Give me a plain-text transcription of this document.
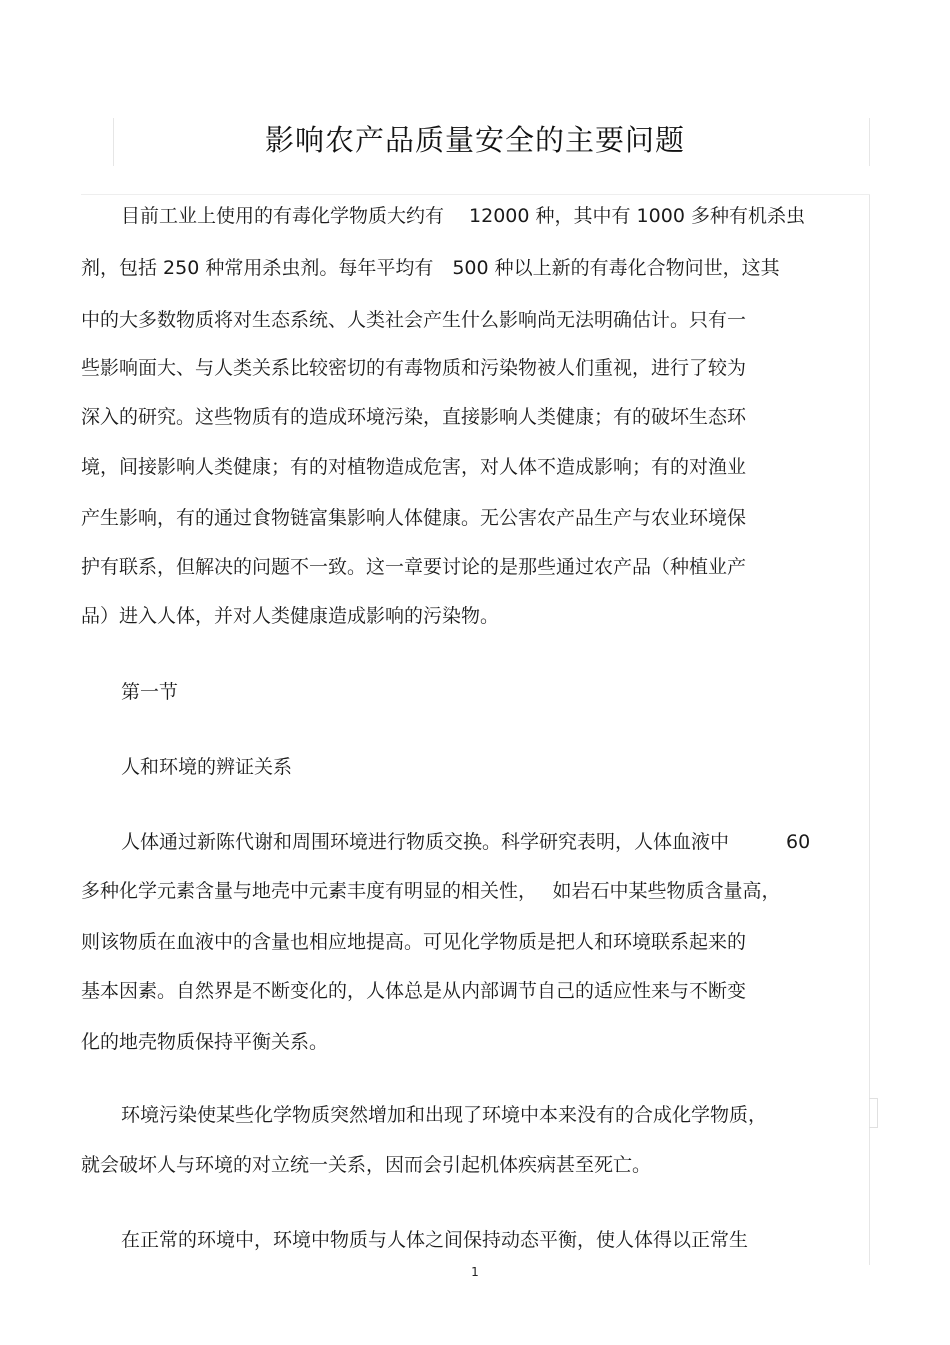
影响农产品质量安全的主要问题
目前工业上使用的有毒化学物质大约有　 12000 种，其中有 1000 多种有机杀虫
剂，包括 250 种常用杀虫剂。每年平均有　500 种以上新的有毒化合物问世，这其
中的大多数物质将对生态系统、人类社会产生什么影响尚无法明确估计。只有一
些影响面大、与人类关系比较密切的有毒物质和污染物被人们重视，进行了较为
深入的研究。这些物质有的造成环境污染，直接影响人类健康；有的破坏生态环
境，间接影响人类健康；有的对植物造成危害，对人体不造成影响；有的对渔业
产生影响，有的通过食物链富集影响人体健康。无公害农产品生产与农业环境保
护有联系，但解决的问题不一致。这一章要讨论的是那些通过农产品（种植业产
品）进入人体，并对人类健康造成影响的污染物。
第一节
人和环境的辨证关系
人体通过新陈代谢和周围环境进行物质交换。科学研究表明，人体血液中　　　60
多种化学元素含量与地壳中元素丰度有明显的相关性，　 如岩石中某些物质含量高，
则该物质在血液中的含量也相应地提高。可见化学物质是把人和环境联系起来的
基本因素。自然界是不断变化的，人体总是从内部调节自己的适应性来与不断变
化的地壳物质保持平衡关系。
环境污染使某些化学物质突然增加和出现了环境中本来没有的合成化学物质，
就会破坏人与环境的对立统一关系，因而会引起机体疾病甚至死亡。
在正常的环境中，环境中物质与人体之间保持动态平衡，使人体得以正常生
1
